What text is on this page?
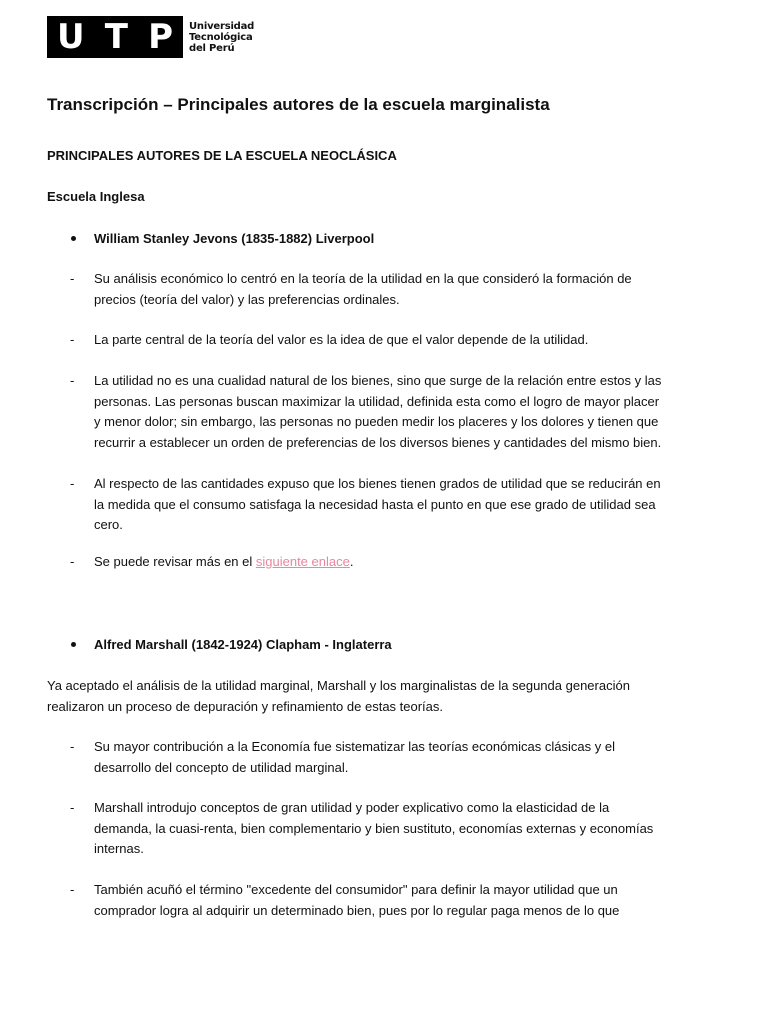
U T P Universidad
Tecnológica
del Perú
Transcripción – Principales autores de la escuela marginalista
PRINCIPALES AUTORES DE LA ESCUELA NEOCLÁSICA
Escuela Inglesa
William Stanley Jevons (1835-1882) Liverpool
- Su análisis económico lo centró en la teoría de la utilidad en la que consideró la formación de
precios (teoría del valor) y las preferencias ordinales.
- La parte central de la teoría del valor es la idea de que el valor depende de la utilidad.
- La utilidad no es una cualidad natural de los bienes, sino que surge de la relación entre estos y las
personas. Las personas buscan maximizar la utilidad, definida esta como el logro de mayor placer
y menor dolor; sin embargo, las personas no pueden medir los placeres y los dolores y tienen que
recurrir a establecer un orden de preferencias de los diversos bienes y cantidades del mismo bien.
- Al respecto de las cantidades expuso que los bienes tienen grados de utilidad que se reducirán en
la medida que el consumo satisfaga la necesidad hasta el punto en que ese grado de utilidad sea
cero.
- Se puede revisar más en el siguiente enlace.
Alfred Marshall (1842-1924) Clapham - Inglaterra
Ya aceptado el análisis de la utilidad marginal, Marshall y los marginalistas de la segunda generación
realizaron un proceso de depuración y refinamiento de estas teorías.
- Su mayor contribución a la Economía fue sistematizar las teorías económicas clásicas y el
desarrollo del concepto de utilidad marginal.
- Marshall introdujo conceptos de gran utilidad y poder explicativo como la elasticidad de la
demanda, la cuasi-renta, bien complementario y bien sustituto, economías externas y economías
internas.
- También acuñó el término "excedente del consumidor" para definir la mayor utilidad que un
comprador logra al adquirir un determinado bien, pues por lo regular paga menos de lo que
